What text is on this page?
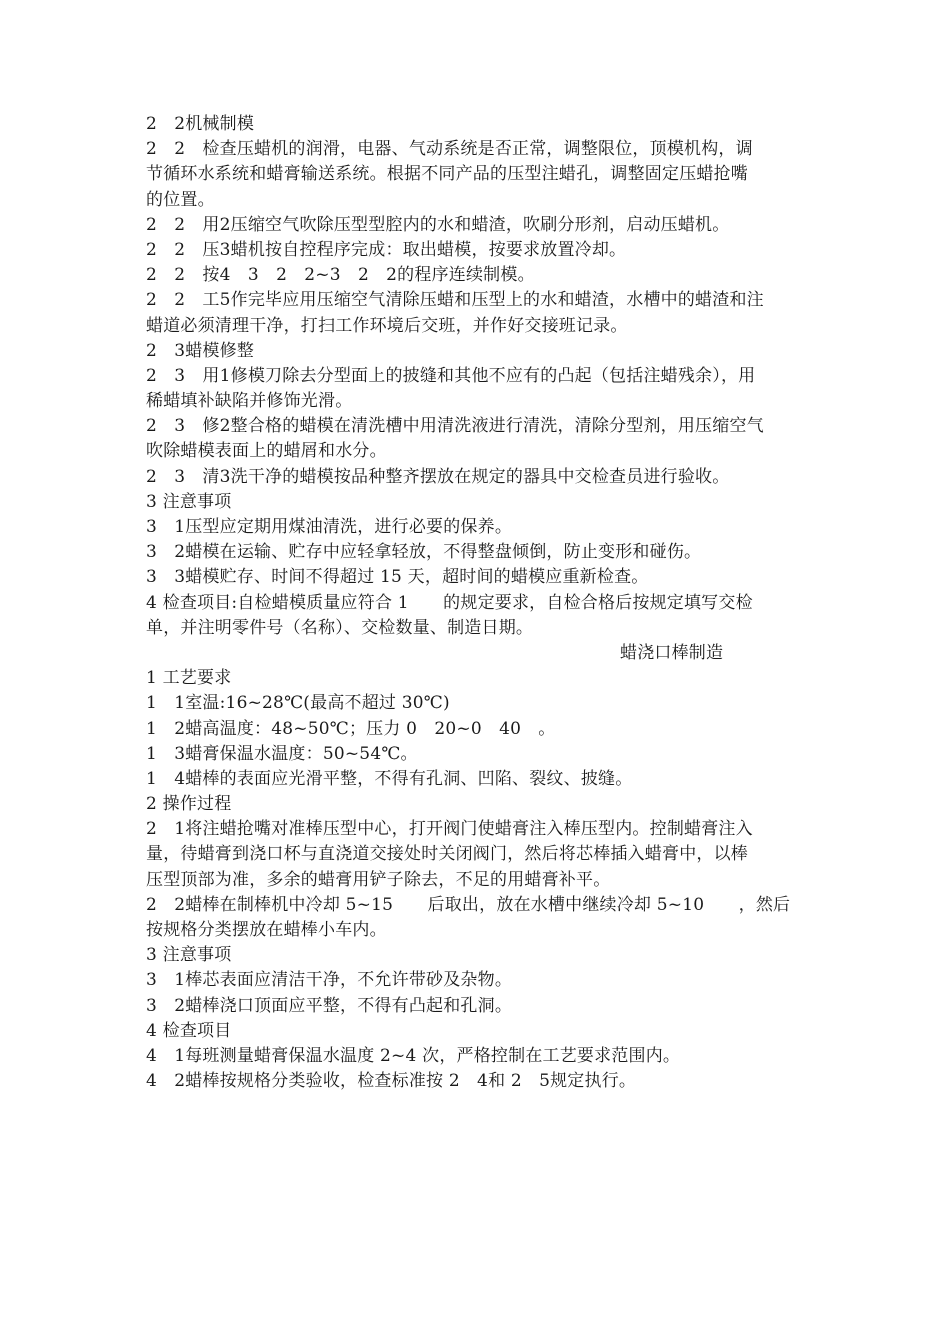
2　2机械制模
2　2　检查压蜡机的润滑，电器、气动系统是否正常，调整限位，顶模机构，调
节循环水系统和蜡膏输送系统。根据不同产品的压型注蜡孔，调整固定压蜡抢嘴
的位置。
2　2　用2压缩空气吹除压型型腔内的水和蜡渣，吹刷分形剂，启动压蜡机。
2　2　压3蜡机按自控程序完成：取出蜡模，按要求放置冷却。
2　2　按4　3　2　2~3　2　2的程序连续制模。
2　2　工5作完毕应用压缩空气清除压蜡和压型上的水和蜡渣，水槽中的蜡渣和注
蜡道必须清理干净，打扫工作环境后交班，并作好交接班记录。
2　3蜡模修整
2　3　用1修模刀除去分型面上的披缝和其他不应有的凸起（包括注蜡残余），用
稀蜡填补缺陷并修饰光滑。
2　3　修2整合格的蜡模在清洗槽中用清洗液进行清洗，清除分型剂，用压缩空气
吹除蜡模表面上的蜡屑和水分。
2　3　清3洗干净的蜡模按品种整齐摆放在规定的器具中交检查员进行验收。
3 注意事项
3　1压型应定期用煤油清洗，进行必要的保养。
3　2蜡模在运输、贮存中应轻拿轻放，不得整盘倾倒，防止变形和碰伤。
3　3蜡模贮存、时间不得超过 15 天，超时间的蜡模应重新检查。
4 检查项目:自检蜡模质量应符合 1　　的规定要求，自检合格后按规定填写交检
单，并注明零件号（名称）、交检数量、制造日期。
蜡浇口棒制造
1 工艺要求
1　1室温:16~28℃(最高不超过 30℃)
1　2蜡高温度：48~50℃；压力 0　20~0　40　。
1　3蜡膏保温水温度：50~54℃。
1　4蜡棒的表面应光滑平整，不得有孔洞、凹陷、裂纹、披缝。
2 操作过程
2　1将注蜡抢嘴对准棒压型中心，打开阀门使蜡膏注入棒压型内。控制蜡膏注入
量，待蜡膏到浇口杯与直浇道交接处时关闭阀门，然后将芯棒插入蜡膏中，以棒
压型顶部为准，多余的蜡膏用铲子除去，不足的用蜡膏补平。
2　2蜡棒在制棒机中冷却 5~15　　后取出，放在水槽中继续冷却 5~10　　，然后
按规格分类摆放在蜡棒小车内。
3 注意事项
3　1棒芯表面应清洁干净，不允许带砂及杂物。
3　2蜡棒浇口顶面应平整，不得有凸起和孔洞。
4 检查项目
4　1每班测量蜡膏保温水温度 2~4 次，严格控制在工艺要求范围内。
4　2蜡棒按规格分类验收，检查标准按 2　4和 2　5规定执行。
